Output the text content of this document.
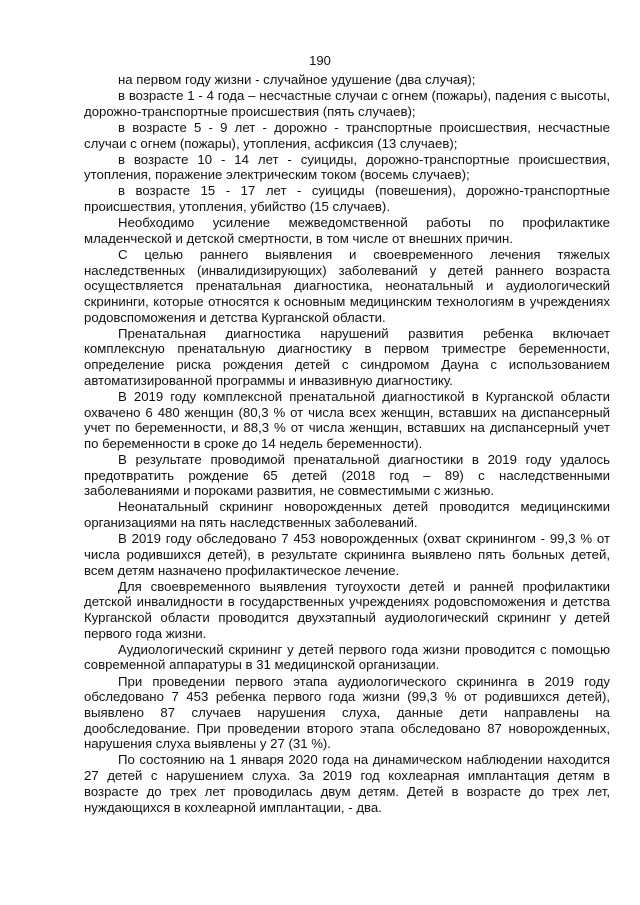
190

на первом году жизни - случайное удушение (два случая);

в возрасте 1 - 4 года – несчастные случаи с огнем (пожары), падения с высоты, дорожно-транспортные происшествия (пять случаев);

в возрасте 5 - 9 лет - дорожно - транспортные происшествия, несчастные случаи с огнем (пожары), утопления, асфиксия (13 случаев);

в возрасте 10 - 14 лет - суициды, дорожно-транспортные происшествия, утопления, поражение электрическим током (восемь случаев);

в возрасте 15 - 17 лет - суициды (повешения), дорожно-транспортные происшествия, утопления, убийство (15 случаев).

Необходимо усиление межведомственной работы по профилактике младенческой и детской смертности, в том числе от внешних причин.

С целью раннего выявления и своевременного лечения тяжелых наследственных (инвалидизирующих) заболеваний у детей раннего возраста осуществляется пренатальная диагностика, неонатальный и аудиологический скрининги, которые относятся к основным медицинским технологиям в учреждениях родовспоможения и детства Курганской области.

Пренатальная диагностика нарушений развития ребенка включает комплексную пренатальную диагностику в первом триместре беременности, определение риска рождения детей с синдромом Дауна с использованием автоматизированной программы и инвазивную диагностику.

В 2019 году комплексной пренатальной диагностикой в Курганской области охвачено 6 480 женщин (80,3 % от числа всех женщин, вставших на диспансерный учет по беременности, и 88,3 % от числа женщин, вставших на диспансерный учет по беременности в сроке до 14 недель беременности).

В результате проводимой пренатальной диагностики в 2019 году удалось предотвратить рождение 65 детей (2018 год – 89) с наследственными заболеваниями и пороками развития, не совместимыми с жизнью.

Неонатальный скрининг новорожденных детей проводится медицинскими организациями на пять наследственных заболеваний.

В 2019 году обследовано 7 453 новорожденных (охват скринингом - 99,3 % от числа родившихся детей), в результате скрининга выявлено пять больных детей, всем детям назначено профилактическое лечение.

Для своевременного выявления тугоухости детей и ранней профилактики детской инвалидности в государственных учреждениях родовспоможения и детства Курганской области проводится двухэтапный аудиологический скрининг у детей первого года жизни.

Аудиологический скрининг у детей первого года жизни проводится с помощью современной аппаратуры в 31 медицинской организации.

При проведении первого этапа аудиологического скрининга в 2019 году обследовано 7 453 ребенка первого года жизни (99,3 % от родившихся детей), выявлено 87 случаев нарушения слуха, данные дети направлены на дообследование. При проведении второго этапа обследовано 87 новорожденных, нарушения слуха выявлены у 27 (31 %).

По состоянию на 1 января 2020 года на динамическом наблюдении находится 27 детей с нарушением слуха. За 2019 год кохлеарная имплантация детям в возрасте до трех лет проводилась двум детям. Детей в возрасте до трех лет, нуждающихся в кохлеарной имплантации, - два.
